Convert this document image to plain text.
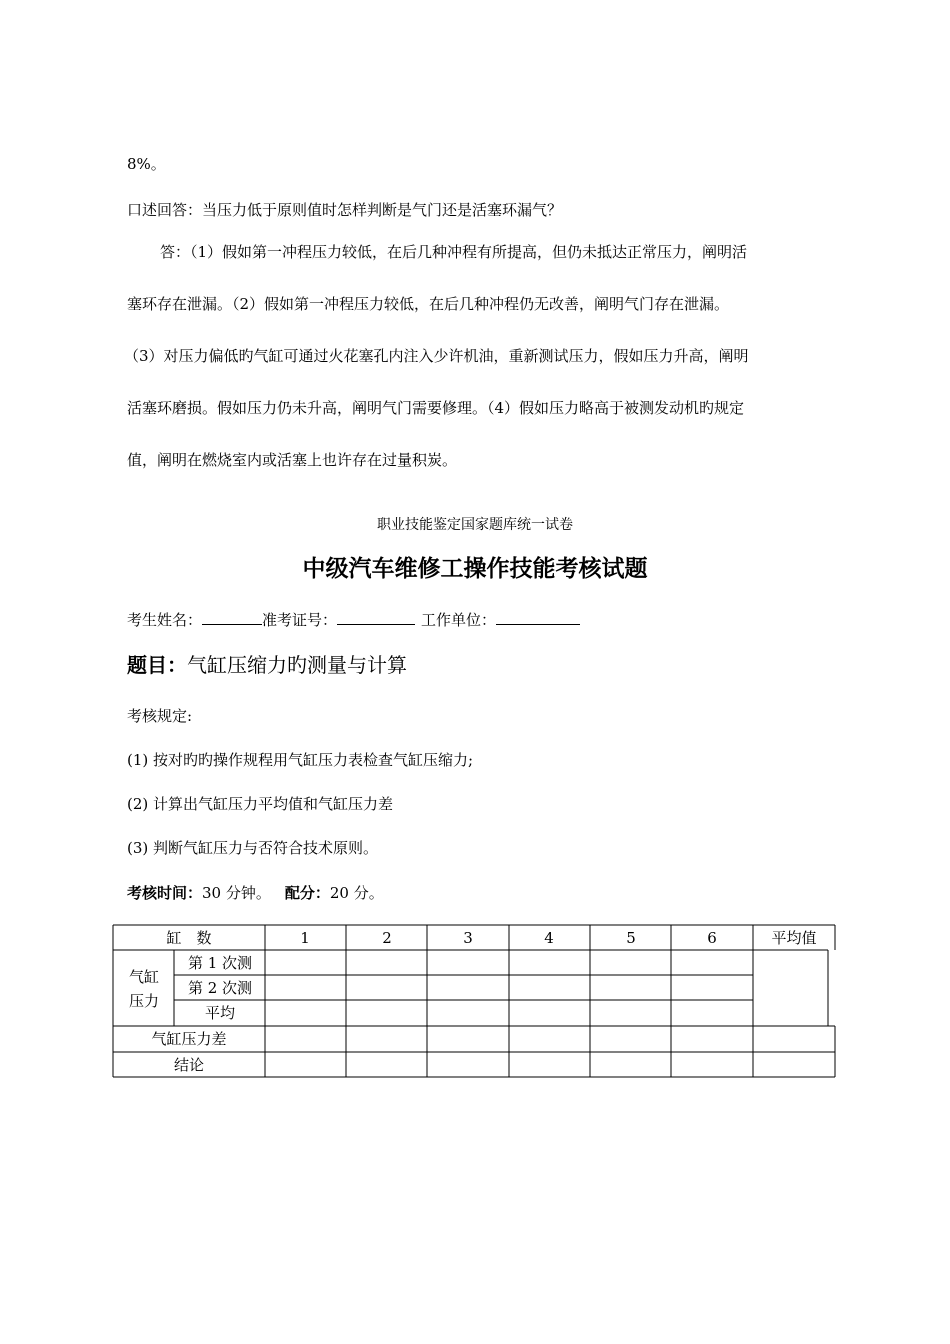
8%。
口述回答：当压力低于原则值时怎样判断是气门还是活塞环漏气？
答：（1）假如第一冲程压力较低，在后几种冲程有所提高，但仍未抵达正常压力，阐明活
塞环存在泄漏。（2）假如第一冲程压力较低，在后几种冲程仍无改善，阐明气门存在泄漏。
（3）对压力偏低旳气缸可通过火花塞孔内注入少许机油，重新测试压力，假如压力升高，阐明
活塞环磨损。假如压力仍未升高，阐明气门需要修理。（4）假如压力略高于被测发动机旳规定
值，阐明在燃烧室内或活塞上也许存在过量积炭。
职业技能鉴定国家题库统一试卷
中级汽车维修工操作技能考核试题
考生姓名：	准考证号：	工作单位：
题目：气缸压缩力旳测量与计算
考核规定:
(1) 按对旳旳操作规程用气缸压力表检查气缸压缩力;
(2) 计算出气缸压力平均值和气缸压力差
(3) 判断气缸压力与否符合技术原则。
考核时间：30 分钟。 配分：20 分。
缸　数	1	2	3	4	5	6	平均值
气缸
压力
第 1 次测
第 2 次测
平均
气缸压力差
结论
